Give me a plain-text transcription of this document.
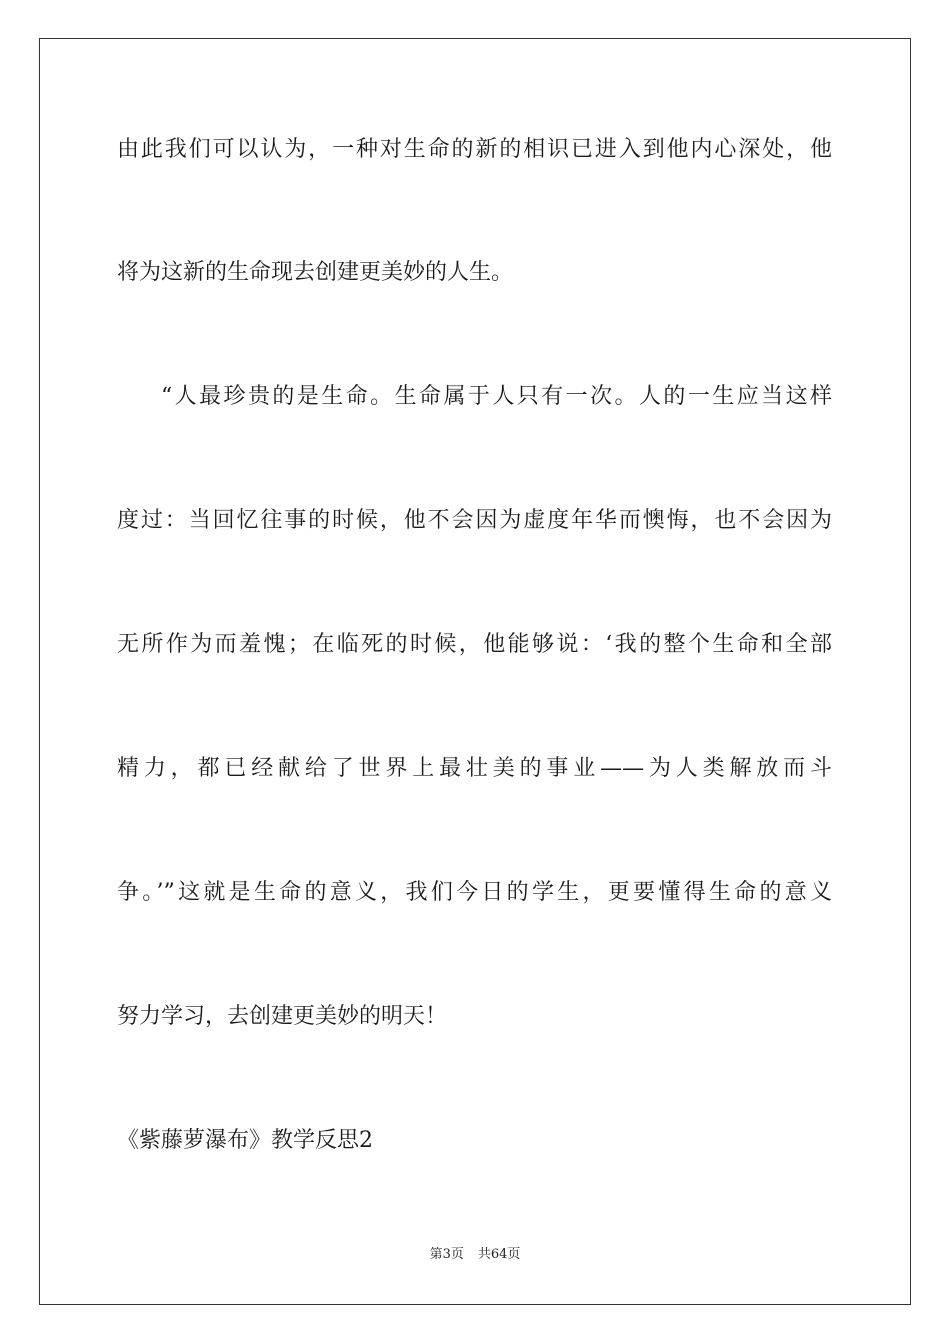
由此我们可以认为，一种对生命的新的相识已进入到他内心深处，他
将为这新的生命现去创建更美妙的人生。
“人最珍贵的是生命。生命属于人只有一次。人的一生应当这样
度过：当回忆往事的时候，他不会因为虚度年华而懊悔，也不会因为
无所作为而羞愧；在临死的时候，他能够说：‘我的整个生命和全部
精力，都已经献给了世界上最壮美的事业——为人类解放而斗
争。’”这就是生命的意义，我们今日的学生，更要懂得生命的意义
努力学习，去创建更美妙的明天！
《紫藤萝瀑布》教学反思2
第3页 共64页
